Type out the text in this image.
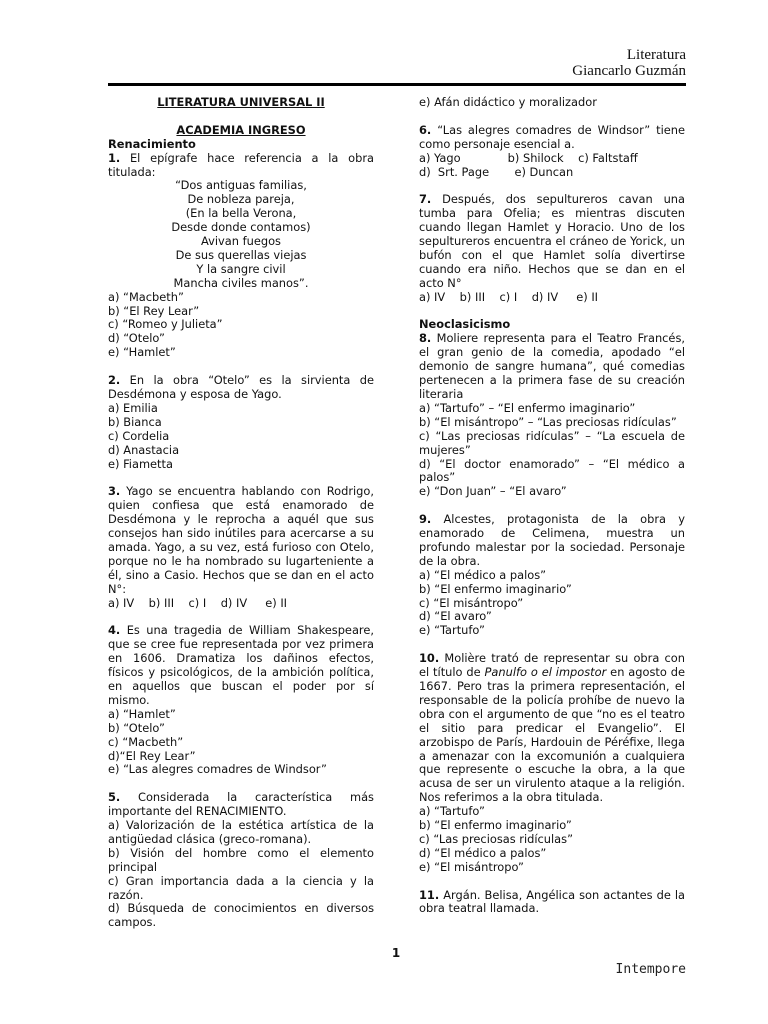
Literatura
Giancarlo Guzmán

LITERATURA UNIVERSAL II

ACADEMIA INGRESO

Renacimiento

1. El epígrafe hace referencia a la obra titulada:

“Dos antiguas familias,

De nobleza pareja,

(En la bella Verona,

Desde donde contamos)

Avivan fuegos

De sus querellas viejas

Y la sangre civil

Mancha civiles manos”.

a) “Macbeth”

b) “El Rey Lear”

c) “Romeo y Julieta”

d) “Otelo”

e) “Hamlet”

2. En la obra “Otelo” es la sirvienta de Desdémona y esposa de Yago.

a) Emilia

b) Bianca

c) Cordelia

d) Anastacia

e) Fiametta

3. Yago se encuentra hablando con Rodrigo, quien confiesa que está enamorado de Desdémona y le reprocha a aquél que sus consejos han sido inútiles para acercarse a su amada. Yago, a su vez, está furioso con Otelo, porque no le ha nombrado su lugarteniente a él, sino a Casio. Hechos que se dan en el acto N°:

a) IV    b) III    c) I    d) IV     e) II

4. Es una tragedia de William Shakespeare, que se cree fue representada por vez primera en 1606. Dramatiza los dañinos efectos, físicos y psicológicos, de la ambición política, en aquellos que buscan el poder por sí mismo.

a) “Hamlet”

b) “Otelo”

c) “Macbeth”

d)“El Rey Lear”

e) “Las alegres comadres de Windsor”

5. Considerada la característica más importante del RENACIMIENTO.

a) Valorización de la estética artística de la antigüedad clásica (greco-romana).

b) Visión del hombre como el elemento principal

c) Gran importancia dada a la ciencia y la razón.

d) Búsqueda de conocimientos en diversos campos.

e) Afán didáctico y moralizador

6. “Las alegres comadres de Windsor” tiene como personaje esencial a.

a) Yago             b) Shilock    c) Faltstaff

d)  Srt. Page       e) Duncan

7. Después, dos sepultureros cavan una tumba para Ofelia; es mientras discuten cuando llegan Hamlet y Horacio. Uno de los sepultureros encuentra el cráneo de Yorick, un bufón con el que Hamlet solía divertirse cuando era niño. Hechos que se dan en el acto N°

a) IV    b) III    c) I    d) IV     e) II

Neoclasicismo

8. Moliere representa para el Teatro Francés, el gran genio de la comedia, apodado “el demonio de sangre humana”, qué comedias pertenecen a la primera fase de su creación literaria

a) “Tartufo” – “El enfermo imaginario”

b) “El misántropo” – “Las preciosas ridículas”

c) “Las preciosas ridículas” – “La escuela de mujeres”

d) “El doctor enamorado” – “El médico a palos”

e) “Don Juan” – “El avaro”

9. Alcestes, protagonista de la obra y enamorado de Celimena, muestra un profundo malestar por la sociedad. Personaje de la obra.

a) “El médico a palos”

b) “El enfermo imaginario”

c) “El misántropo”

d) “El avaro”

e) “Tartufo”

10. Molière trató de representar su obra con el título de Panulfo o el impostor en agosto de 1667. Pero tras la primera representación, el responsable de la policía prohíbe de nuevo la obra con el argumento de que “no es el teatro el sitio para predicar el Evangelio”. El arzobispo de París, Hardouin de Péréfixe, llega a amenazar con la excomunión a cualquiera que represente o escuche la obra, a la que acusa de ser un virulento ataque a la religión. Nos referimos a la obra titulada.

a) “Tartufo”

b) “El enfermo imaginario”

c) “Las preciosas ridículas”

d) “El médico a palos”

e) “El misántropo”

11. Argán. Belisa, Angélica son actantes de la obra teatral llamada.

1
Intempore
